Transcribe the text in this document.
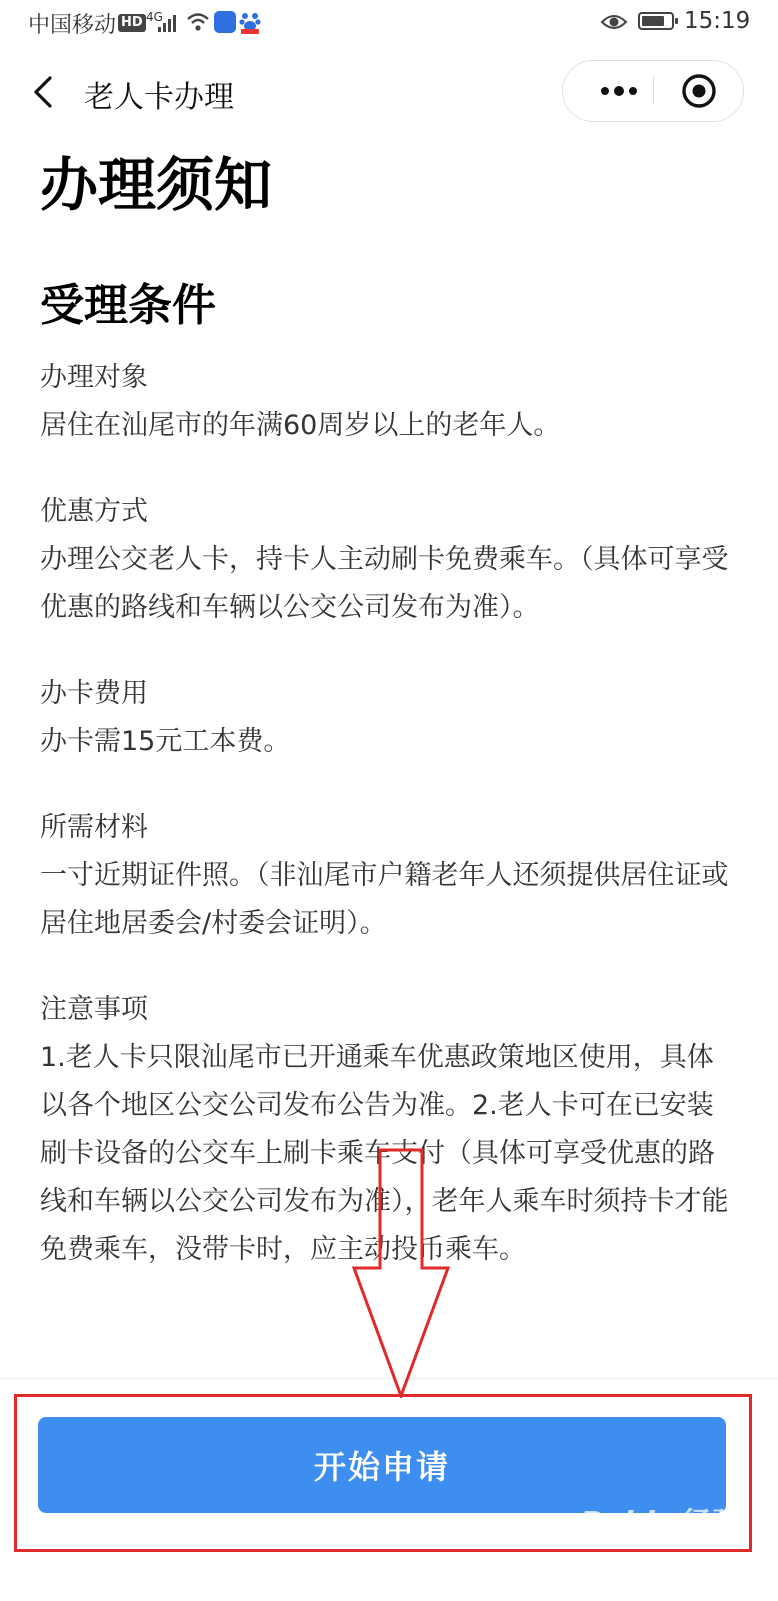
中国移动 HD 4G	15:19
老人卡办理
办理须知
受理条件
办理对象
居住在汕尾市的年满60周岁以上的老年人。
优惠方式
办理公交老人卡，持卡人主动刷卡免费乘车。（具体可享受优惠的路线和车辆以公交公司发布为准）。
办卡费用
办卡需15元工本费。
所需材料
一寸近期证件照。（非汕尾市户籍老年人还须提供居住证或居住地居委会/村委会证明）。
注意事项
1.老人卡只限汕尾市已开通乘车优惠政策地区使用，具体以各个地区公交公司发布公告为准。2.老人卡可在已安装刷卡设备的公交车上刷卡乘车支付（具体可享受优惠的路线和车辆以公交公司发布为准），老年人乘车时须持卡才能免费乘车，没带卡时，应主动投币乘车。
开始申请
Baidu经验
